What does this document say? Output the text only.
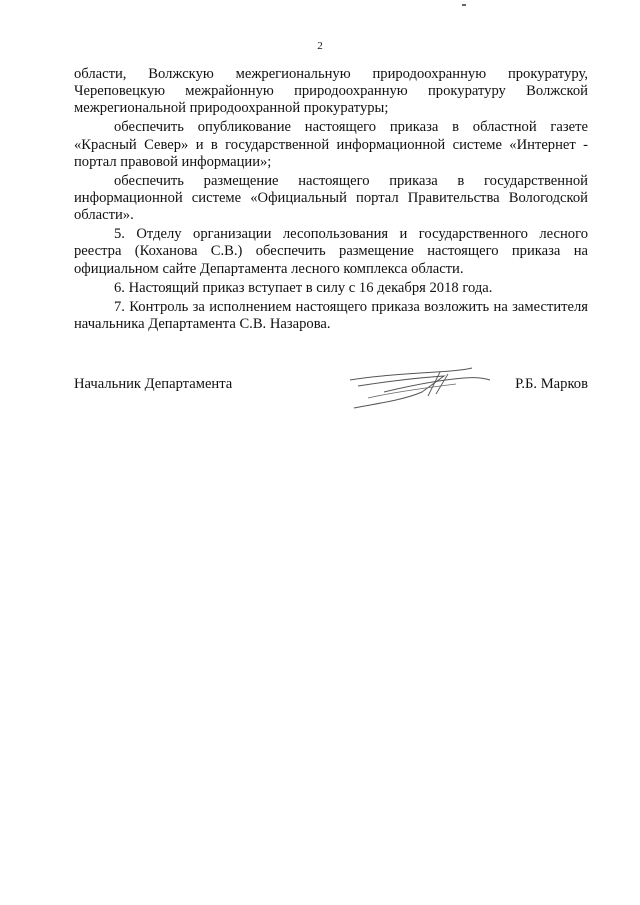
2

области, Волжскую межрегиональную природоохранную прокуратуру, Череповецкую межрайонную природоохранную прокуратуру Волжской межрегиональной природоохранной прокуратуры;

обеспечить опубликование настоящего приказа в областной газете «Красный Север» и в государственной информационной системе «Интернет - портал правовой информации»;

обеспечить размещение настоящего приказа в государственной информационной системе «Официальный портал Правительства Вологодской области».

5. Отделу организации лесопользования и государственного лесного реестра (Коханова С.В.) обеспечить размещение настоящего приказа на официальном сайте Департамента лесного комплекса области.

6. Настоящий приказ вступает в силу с 16 декабря 2018 года.

7. Контроль за исполнением настоящего приказа возложить на заместителя начальника Департамента С.В. Назарова.

Начальник Департамента	Р.Б. Марков
